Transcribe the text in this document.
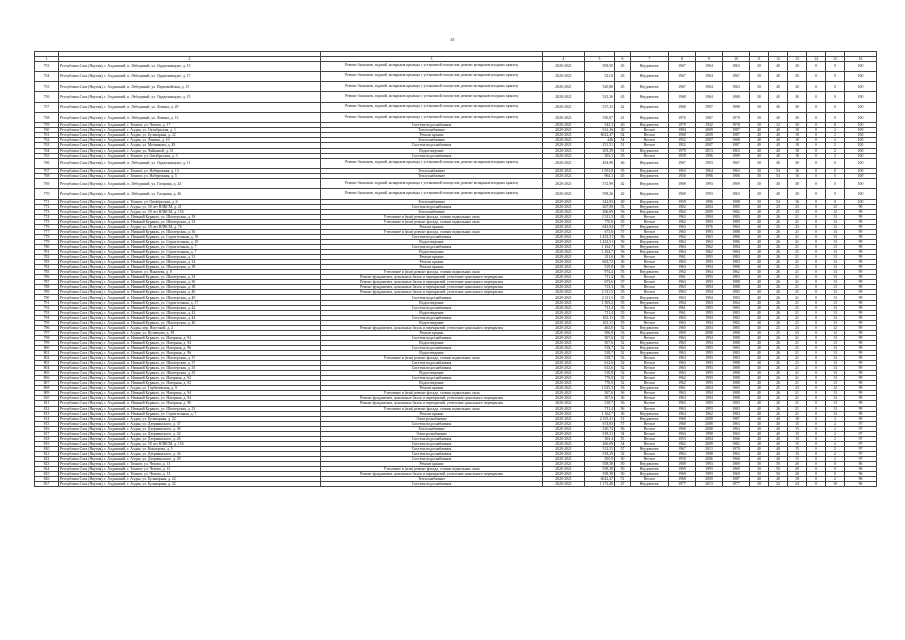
45

1	2	3	4	5	6	7	8	9	10	11	12	13	14	15	16
753	Республика Саха (Якутия), г. Алданский, п. Лебединый, ул. Орджоникидзе, д. 13	Ремонт балконов, лоджий, козырьков крыльца с установкой полиуглов, ремонт козырьков входных крылец	2020-2021	509,50	43	Неудовлетв.	1967	1964	1963	30	40	30	0	0	100
754	Республика Саха (Якутия), г. Алданский, п. Лебединый, ул. Орджоникидзе, д. 17	Ремонт балконов, лоджий, козырьков крыльца с установкой полиуглов, ремонт козырьков входных крылец	2020-2021	521,8	43	Неудовлетв.	1967	1964	1967	30	40	30	0	0	100
755	Республика Саха (Якутия), г. Алданский, п. Лебединый, ул. Первомайская, д. 15	Ремонт балконов, лоджий, козырьков крыльца с установкой полиуглов, ремонт козырьков входных крылец	2020-2021	520,88	45	Неудовлетв.	1967	1964	1963	30	40	30	0	0	100
756	Республика Саха (Якутия), г. Алданский, п. Лебединый, ул. Орджоникидзе, д. 15	Ремонт балконов, лоджий, козырьков крыльца с установкой полиуглов, ремонт козырьков входных крылец	2020-2021	523,36	43	Неудовлетв.	1968	1964	1968	30	40	30	0	0	100
757	Республика Саха (Якутия), г. Алданский, п. Лебединый, ул. Ленина, д. 29	Ремонт балконов, лоджий, козырьков крыльца с установкой полиуглов, ремонт козырьков входных крылец	2020-2021	537,23	42	Неудовлетв.	1968	1997	1998	30	40	30	0	0	100
758	Республика Саха (Якутия), г. Алданский, п. Лебединый, ул. Ленина, д. 13	Ремонт балконов, лоджий, козырьков крыльца с установкой полиуглов, ремонт козырьков входных крылец	2020-2021	530,97	41	Неудовлетв.	1970	1967	1970	30	40	30	0	0	100
759	Республика Саха (Якутия), г. Алданский, г. Томмот, ул. Чехова, д. 17	Система водоснабжения	2020-2021	542,3	40	Неудовлетв.	1979	1942	1978	30	32	30	0	8	100
760	Республика Саха (Якутия), г. Алданский, г. Алдан, ул. Октябрьская, д. 1	Теплоснабжение	2020-2021	612,16	30	Ветхое	1984	2009	1987	40	40	18	0	2	100
761	Республика Саха (Якутия), г. Алданский, г. Алдан, ул. Бульварная, д. 22	Ремонт крыши	2020-2021	6022,47	54	Ветхое	1968	2009	1987	40	40	18	0	2	100
762	Республика Саха (Якутия), г. Алданский, г. Алдан, ул. Ленина, д. 10	Теплоснабжение	2020-2021	446	54	Ветхое	1952	2007	1988	40	40	18	0	2	100
763	Республика Саха (Якутия), г. Алданский, г. Алдан, ул. Мечникова, д. 48	Система водоснабжения	2020-2021	251,51	51	Ветхое	1952	2007	1987	40	40	18	0	2	100
764	Республика Саха (Якутия), г. Алданский, г. Алдан, ул. Чайкиной, д. 31	Водоотведение	2020-2021	303,39	51	Неудовлетв.	1979	2013	1963	40	40	18	0	2	100
765	Республика Саха (Якутия), г. Алданский, г. Томмот, ул. Октябрьская, д. 3	Система водоснабжения	2020-2021	303,1	55	Ветхое	1959	1996	1989	40	40	18	0	2	100
766	Республика Саха (Якутия), г. Алданский, п. Лебединый, ул. Орджоникидзе, д. 11	Ремонт балконов, лоджий, козырьков крыльца с установкой полиуглов, ремонт козырьков входных крылец	2020-2021	494,98	46	Неудовлетв.	1967	1993	1967	30	40	30	0	0	100
767	Республика Саха (Якутия), г. Алданский, г. Томмот, ул. Набережная, д. 13	Теплоснабжение	2020-2021	1 053,8	55	Неудовлетв.	1963	1964	1963	30	54	16	0	0	100
768	Республика Саха (Якутия), г. Алданский, г. Томмот, ул. Набережная, д. 5	Теплоснабжение	2020-2021	964,1	45	Неудовлетв.	1956	1996	1986	30	54	16	0	0	100
769	Республика Саха (Якутия), г. Алданский, п. Лебединый, ул. Гагарина, д. 24	Ремонт балконов, лоджий, козырьков крыльца с установкой полиуглов, ремонт козырьков входных крылец	2020-2021	572,99	42	Неудовлетв.	1969	1993	1969	30	40	30	0	0	100
770	Республика Саха (Якутия), г. Алданский, п. Лебединый, ул. Гагарина, д. 46	Ремонт балконов, лоджий, козырьков крыльца с установкой полиуглов, ремонт козырьков входных крылец	2020-2021	598,26	42	Неудовлетв.	1969	1993	1963	30	40	30	0	0	100
771	Республика Саха (Якутия), г. Алданский, г. Томмот, ул. Октябрьская, д. 6	Теплоснабжение	2020-2021	342,83	40	Неудовлетв.	1959	1996	1988	30	54	16	0	0	100
772	Республика Саха (Якутия), г. Алданский, г. Алдан, ул. 50 лет ВЛКСМ, д. 21	Система водоснабжения	2020-2021	267,98	53	Неудовлетв.	1962	2004	1985	40	25	23	0	12	99
773	Республика Саха (Якутия), г. Алданский, г. Алдан, ул. 50 лет ВЛКСМ, д. 11Б	Теплоснабжение	2020-2021	266,09	56	Неудовлетв.	1962	2009	1982	40	25	23	0	12	99
774	Республика Саха (Якутия), г. Алданский, п. Нижний Куранах, ул. Шахтерская, д. 39	Утепление и (или) ремонт фасада, ставни подвальных окон	2020-2021	2 311,5	63	Ветхое	1963	1994	1983	40	26	21	0	13	99
775	Республика Саха (Якутия), г. Алданский, п. Нижний Куранах, ул. Шахтерская, д. 33	Утепление и (или) ремонт фасада, ставни подвальных окон	2020-2021	770,8	55	Ветхое	1962	1993	1989	40	26	21	0	13	99
776	Республика Саха (Якутия), г. Алданский, г. Алдан, ул. 50 лет ВЛКСМ, д. 76	Ремонт крыши	2020-2021	643,94	57	Неудовлетв.	1963	1976	1963	40	25	23	0	12	99
777	Республика Саха (Якутия), г. Алданский, п. Нижний Куранах, ул. Шахтерская, д. 36	Утепление и (или) ремонт фасада, ставни подвальных окон	2020-2021	673,6	57	Ветхое	1963	1993	1988	40	26	21	0	13	99
778	Республика Саха (Якутия), г. Алданский, п. Нижний Куранах, ул. Строительная, д. 10	Система водоснабжения	2020-2021	1 432,51	56	Неудовлетв.	1962	1963	1986	40	26	21	0	13	99
779	Республика Саха (Якутия), г. Алданский, п. Нижний Куранах, ул. Строительная, д. 10	Водоотведение	2020-2021	1 432,51	56	Неудовлетв.	1962	1963	1986	40	26	21	0	13	99
780	Республика Саха (Якутия), г. Алданский, п. Нижний Куранах, ул. Строительная, д. 7	Система водоснабжения	2020-2021	1 164,7	56	Неудовлетв.	1964	1962	1984	40	26	21	0	13	99
781	Республика Саха (Якутия), г. Алданский, п. Нижний Куранах, ул. Строительная, д. 7	Водоотведение	2020-2021	1 164,7	56	Неудовлетв.	1964	1962	1984	40	26	21	0	13	99
782	Республика Саха (Якутия), г. Алданский, п. Нижний Куранах, ул. Шахтерская, д. 31	Ремонт крыши	2020-2021	311,6	56	Ветхое	1961	1993	1983	40	26	21	0	13	99
783	Республика Саха (Якутия), г. Алданский, п. Нижний Куранах, ул. Шахтерская, д. 34	Ремонт крыши	2020-2021	663,72	56	Ветхое	1963	1993	1983	40	26	21	0	13	99
784	Республика Саха (Якутия), г. Алданский, п. Нижний Куранах, ул. Шахтерская, д. 38	Ремонт крыши	2020-2021	519,8	56	Ветхое	1963	1994	1988	40	26	21	0	13	99
785	Республика Саха (Якутия), г. Алданский, г. Томмот, ул. Накатова, д. 8	Утепление и (или) ремонт фасада, ставни подвальных окон	2020-2021	974,4	55	Неудовлетв.	1962	1964	1962	40	26	21	0	13	99
786	Республика Саха (Якутия), г. Алданский, п. Нижний Куранах, ул. Шахтерская, д. 34	Ремонт фундамента, цокольных балок и перекрытий, утепление цокольного перекрытия	2020-2021	711,4	56	Ветхое	1961	1993	1983	40	26	21	0	13	99
787	Республика Саха (Якутия), г. Алданский, п. Нижний Куранах, ул. Шахтерская, д. 36	Ремонт фундамента, цокольных балок и перекрытий, утепление цокольного перекрытия	2020-2021	673,6	57	Ветхое	1963	1993	1988	40	26	21	0	13	99
788	Республика Саха (Якутия), г. Алданский, п. Нижний Куранах, ул. Шахтерская, д. 38	Ремонт фундамента, цокольных балок и перекрытий, утепление цокольного перекрытия	2020-2021	713,3	56	Ветхое	1963	1994	1988	40	26	21	0	13	99
789	Республика Саха (Якутия), г. Алданский, п. Нижний Куранах, ул. Шахтерская, д. 40	Ремонт фундамента, цокольных балок и перекрытий, утепление цокольного перекрытия	2020-2021	2 311,5	55	Ветхое	1963	1994	1983	40	26	21	0	13	99
790	Республика Саха (Якутия), г. Алданский, п. Нижний Куранах, ул. Шахтерская, д. 40	Система водоснабжения	2020-2021	2 311,5	55	Неудовлетв.	1963	1994	1983	40	26	21	0	13	99
791	Республика Саха (Якутия), г. Алданский, п. Нижний Куранах, ул. Строительная, д. 17	Водоотведение	2020-2021	1 505,2	55	Неудовлетв.	1964	1963	1964	40	26	21	0	13	99
792	Республика Саха (Якутия), г. Алданский, п. Нижний Куранах, ул. Шахтерская, д. 42	Система водоснабжения	2020-2021	711,4	55	Ветхое	1961	1993	1983	40	26	21	0	13	99
793	Республика Саха (Якутия), г. Алданский, п. Нижний Куранах, ул. Шахтерская, д. 42	Водоотведение	2020-2021	711,4	55	Ветхое	1961	1993	1983	40	26	21	0	13	99
794	Республика Саха (Якутия), г. Алданский, п. Нижний Куранах, ул. Шахтерская, д. 44	Система водоснабжения	2020-2021	631,11	55	Ветхое	1963	1994	1982	40	26	21	0	13	99
795	Республика Саха (Якутия), г. Алданский, п. Нижний Куранах, ул. Шахтерская, д. 46	Водоотведение	2020-2021	631,11	55	Ветхое	1963	1994	1982	40	26	21	0	13	99
796	Республика Саха (Якутия), г. Алданский, г. Алдан, пер. Якутский, д. 2	Ремонт фундамента, цокольных балок и перекрытий, утепление цокольного перекрытия	2020-2021	463,8	52	Неудовлетв.	1965	2004	1985	40	25	23	0	12	99
797	Республика Саха (Якутия), г. Алданский, г. Алдан, ул. Кузнецова, д. 39	Ремонт крыши	2020-2021	506,8	53	Неудовлетв.	1969	2008	1988	40	25	23	0	12	99
798	Республика Саха (Якутия), г. Алданский, п. Нижний Куранах, ул. Нагорная, д. 94	Система водоснабжения	2020-2021	507,6	52	Ветхое	1963	1994	1988	40	26	21	0	13	99
799	Республика Саха (Якутия), г. Алданский, п. Нижний Куранах, ул. Нагорная, д. 94	Водоотведение	2020-2021	507,6	52	Неудовлетв.	1963	1994	1988	40	26	21	0	13	99
800	Республика Саха (Якутия), г. Алданский, п. Нижний Куранах, ул. Нагорная, д. 96	Система водоснабжения	2020-2021	518,7	52	Неудовлетв.	1963	1993	1983	40	26	21	0	13	99
801	Республика Саха (Якутия), г. Алданский, п. Нижний Куранах, ул. Нагорная, д. 96	Водоотведение	2020-2021	518,7	52	Неудовлетв.	1963	1993	1983	40	26	21	0	13	99
802	Республика Саха (Якутия), г. Алданский, п. Нижний Куранах, ул. Шахтерская, д. 37	Утепление и (или) ремонт фасада, ставни подвальных окон	2020-2021	518,7	53	Ветхое	1963	1993	1983	40	26	21	0	13	99
803	Республика Саха (Якутия), г. Алданский, п. Нижний Куранах, ул. Шахтерская, д. 37	Система водоснабжения	2020-2021	612,6	52	Ветхое	1963	1993	1988	40	26	21	0	13	99
804	Республика Саха (Якутия), г. Алданский, п. Нижний Куранах, ул. Шахтерская, д. 35	Система водоснабжения	2020-2021	612,6	52	Ветхое	1963	1993	1988	40	26	21	0	13	99
805	Республика Саха (Якутия), г. Алданский, п. Нижний Куранах, ул. Шахтерская, д. 35	Водоотведение	2020-2021	518,8	52	Ветхое	1963	1993	1988	40	26	21	0	13	99
806	Республика Саха (Якутия), г. Алданский, п. Нижний Куранах, ул. Нагорная, д. 92	Система водоснабжения	2020-2021	770,8	52	Ветхое	1962	1993	1988	40	26	21	0	13	99
807	Республика Саха (Якутия), г. Алданский, п. Нижний Куранах, ул. Нагорная, д. 92	Водоотведение	2020-2021	770,8	52	Ветхое	1962	1993	1988	40	26	21	0	13	99
808	Республика Саха (Якутия), г. Алданский, г. Алдан, ул. Горбачевская, д. 9	Ремонт крыши	2020-2021	1 025,3	53	Неудовлетв.	1961	2004	1983	40	25	23	0	12	99
809	Республика Саха (Якутия), г. Алданский, п. Нижний Куранах, ул. Нагорная, д. 94	Утепление и (или) ремонт фасада, ставни подвальных окон	2020-2021	507,6	56	Ветхое	1963	1994	1988	40	26	21	0	13	99
810	Республика Саха (Якутия), г. Алданский, п. Нижний Куранах, ул. Нагорная, д. 94	Ремонт фундамента, цокольных балок и перекрытий, утепление цокольного перекрытия	2020-2021	507,6	56	Ветхое	1963	1994	1988	40	26	21	0	13	99
811	Республика Саха (Якутия), г. Алданский, п. Нижний Куранах, ул. Нагорная, д. 96	Ремонт фундамента, цокольных балок и перекрытий, утепление цокольного перекрытия	2020-2021	518,7	56	Ветхое	1963	1993	1983	40	26	21	0	13	99
812	Республика Саха (Якутия), г. Алданский, п. Нижний Куранах, ул. Шахтерская, д. 33	Утепление и (или) ремонт фасада, ставни подвальных окон	2020-2021	711,4	56	Ветхое	1963	1993	1983	40	26	21	0	13	99
813	Республика Саха (Якутия), г. Алданский, п. Нижний Куранах, ул. Строительная, д. 7	Ремонт крыши	2020-2021	1 164,7	56	Неудовлетв.	1964	1962	1984	40	26	21	0	13	99
814	Республика Саха (Якутия), г. Алданский, г. Алдан, ул. Бульварная, д. 22	Электроснабжение	2020-2021	2 155,41	51	Неудовлетв.	1968	2009	1987	40	40	18	0	2	99
815	Республика Саха (Якутия), г. Алданский, г. Алдан, ул. Дзержинского, д. 37	Система водоснабжения	2020-2021	674,83	57	Ветхое	1960	2008	1963	40	40	15	0	2	97
816	Республика Саха (Якутия), г. Алданский, г. Алдан, ул. Дзержинского, д. 36	Теплоснабжение	2020-2021	520,74	56	Ветхое	1960	2008	1963	40	40	15	0	2	97
817	Республика Саха (Якутия), г. Алданский, г. Алдан, ул. Дзержинского, д. 32	Электроснабжение	2020-2021	518,21	54	Ветхое	1963	1998	1963	40	40	15	0	2	97
818	Республика Саха (Якутия), г. Алданский, г. Алдан, ул. Дзержинского, д. 26	Система водоснабжения	2020-2021	303,4	55	Ветхое	1953	2004	1966	40	40	15	0	2	97
819	Республика Саха (Якутия), г. Алданский, г. Алдан, ул. 50 лет ВЛКСМ, д. 11Б	Система водоснабжения	2020-2021	266,09	54	Ветхое	1962	2009	1982	40	40	15	0	2	97
820	Республика Саха (Якутия), г. Алданский, г. Алдан, ул. Кинзерова, д. 5	Система водоснабжения	2020-2021	512,51	57	Неудовлетв.	1967	2013	1970	40	40	15	0	2	97
821	Республика Саха (Якутия), г. Алданский, г. Алдан, ул. Дзержинского, д. 34	Система водоснабжения	2020-2021	518,29	52	Ветхое	1963	1998	1963	40	40	15	0	2	97
822	Республика Саха (Якутия), г. Алданский, г. Алдан, ул. Дзержинского, д. 29	Система водоснабжения	2020-2021	505,9	50	Ветхое	1950	2006	1960	40	40	15	0	2	97
823	Республика Саха (Якутия), г. Алданский, г. Томмот, ул. Чехова, д. 13	Ремонт крыши	2020-2021	558,38	50	Неудовлетв.	1969	1993	1969	30	50	20	0	0	96
824	Республика Саха (Якутия), г. Алданский, г. Томмот, ул. Чехова, д. 13	Утепление и (или) ремонт фасада, ставни подвальных окон	2020-2021	558,38	50	Неудовлетв.	1969	1993	1969	30	50	20	0	0	96
825	Республика Саха (Якутия), г. Алданский, г. Томмот, ул. Чехова, д. 13	Ремонт фундамента, цокольных балок и перекрытий, утепление цокольного перекрытия	2020-2021	558,38	50	Неудовлетв.	1969	1993	1969	30	50	20	0	0	96
826	Республика Саха (Якутия), г. Алданский, г. Алдан, ул. Бульварная, д. 22	Теплоснабжение	2020-2021	6022,47	51	Ветхое	1968	2009	1987	40	40	18	0	2	96
827	Республика Саха (Якутия), г. Алданский, г. Алдан, ул. Бульварная, д. 22	Система водоснабжения	2020-2021	1 173,46	47	Неудовлетв.	1977	2013	1977	30	32	24	0	10	96
